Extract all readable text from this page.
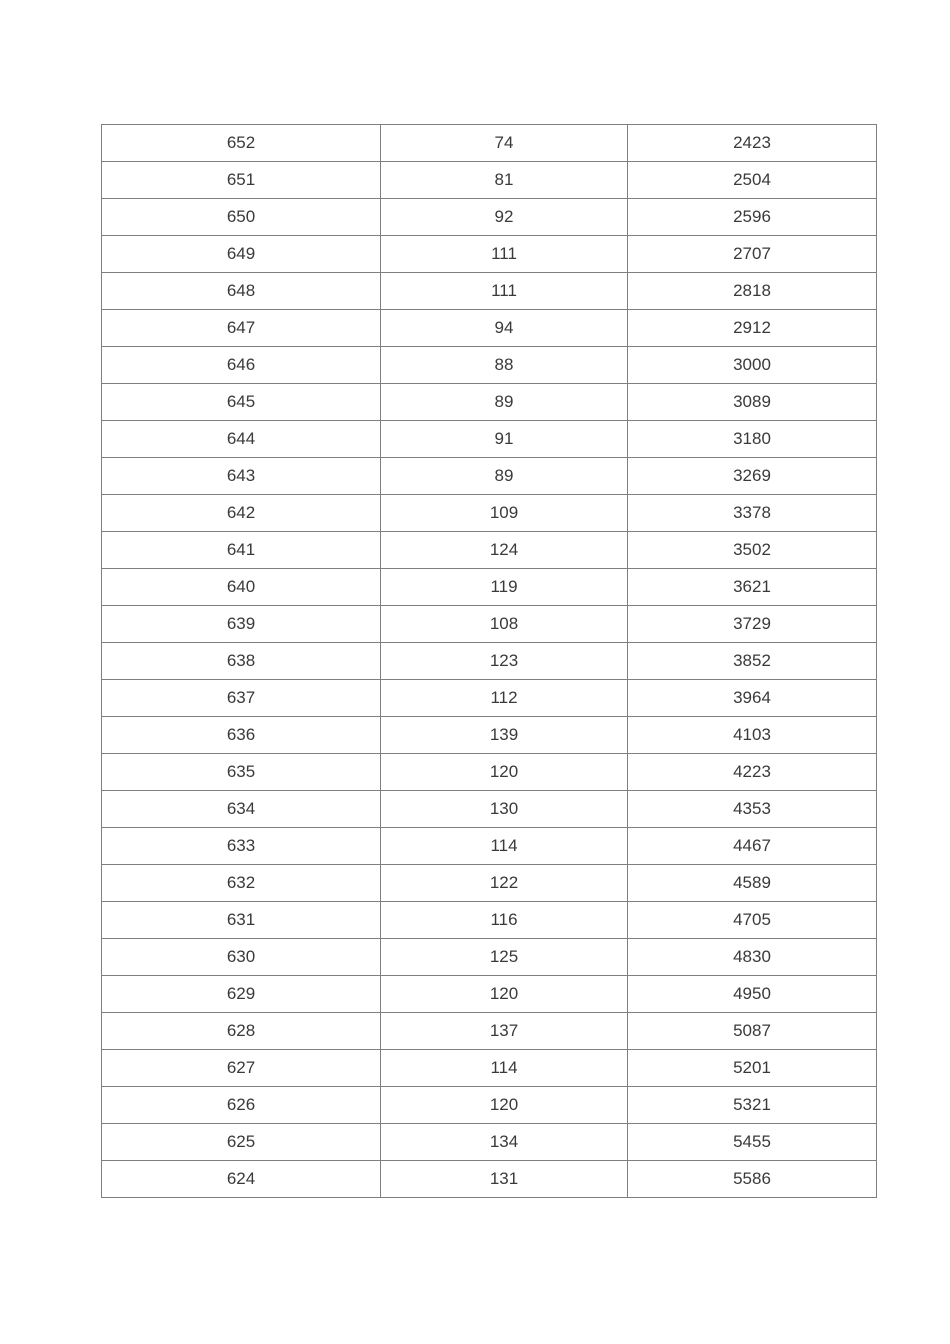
652	74	2423
651	81	2504
650	92	2596
649	111	2707
648	111	2818
647	94	2912
646	88	3000
645	89	3089
644	91	3180
643	89	3269
642	109	3378
641	124	3502
640	119	3621
639	108	3729
638	123	3852
637	112	3964
636	139	4103
635	120	4223
634	130	4353
633	114	4467
632	122	4589
631	116	4705
630	125	4830
629	120	4950
628	137	5087
627	114	5201
626	120	5321
625	134	5455
624	131	5586
